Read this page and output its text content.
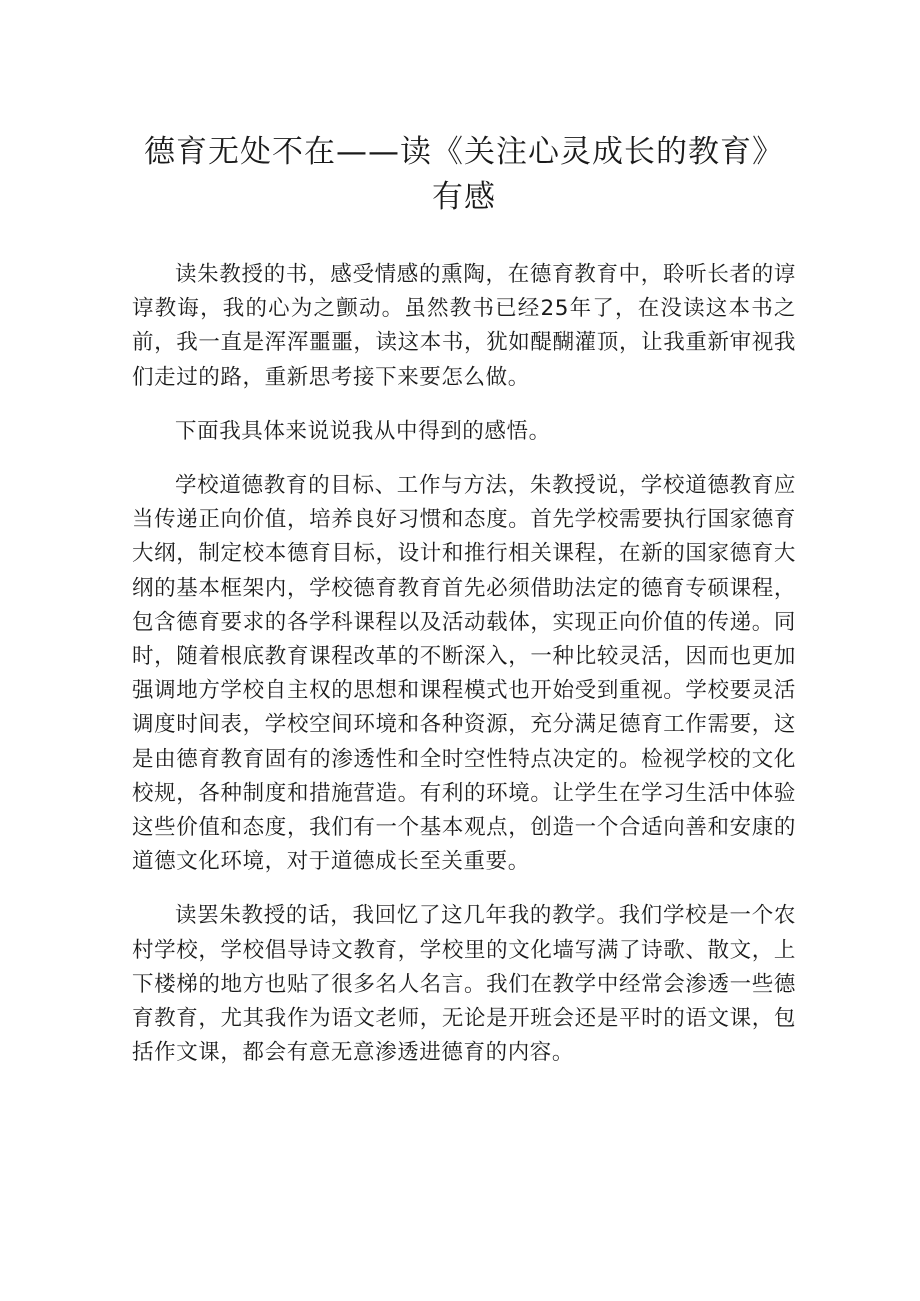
德育无处不在——读《关注心灵成长的教育》
有感

读朱教授的书，感受情感的熏陶，在德育教育中，聆听长者的谆谆教诲，我的心为之颤动。虽然教书已经25年了，在没读这本书之前，我一直是浑浑噩噩，读这本书，犹如醍醐灌顶，让我重新审视我们走过的路，重新思考接下来要怎么做。

下面我具体来说说我从中得到的感悟。

学校道德教育的目标、工作与方法，朱教授说，学校道德教育应当传递正向价值，培养良好习惯和态度。首先学校需要执行国家德育大纲，制定校本德育目标，设计和推行相关课程，在新的国家德育大纲的基本框架内，学校德育教育首先必须借助法定的德育专硕课程，包含德育要求的各学科课程以及活动载体，实现正向价值的传递。同时，随着根底教育课程改革的不断深入，一种比较灵活，因而也更加强调地方学校自主权的思想和课程模式也开始受到重视。学校要灵活调度时间表，学校空间环境和各种资源，充分满足德育工作需要，这是由德育教育固有的渗透性和全时空性特点决定的。检视学校的文化校规，各种制度和措施营造。有利的环境。让学生在学习生活中体验这些价值和态度，我们有一个基本观点，创造一个合适向善和安康的道德文化环境，对于道德成长至关重要。

读罢朱教授的话，我回忆了这几年我的教学。我们学校是一个农村学校，学校倡导诗文教育，学校里的文化墙写满了诗歌、散文，上下楼梯的地方也贴了很多名人名言。我们在教学中经常会渗透一些德育教育，尤其我作为语文老师，无论是开班会还是平时的语文课，包括作文课，都会有意无意渗透进德育的内容。
